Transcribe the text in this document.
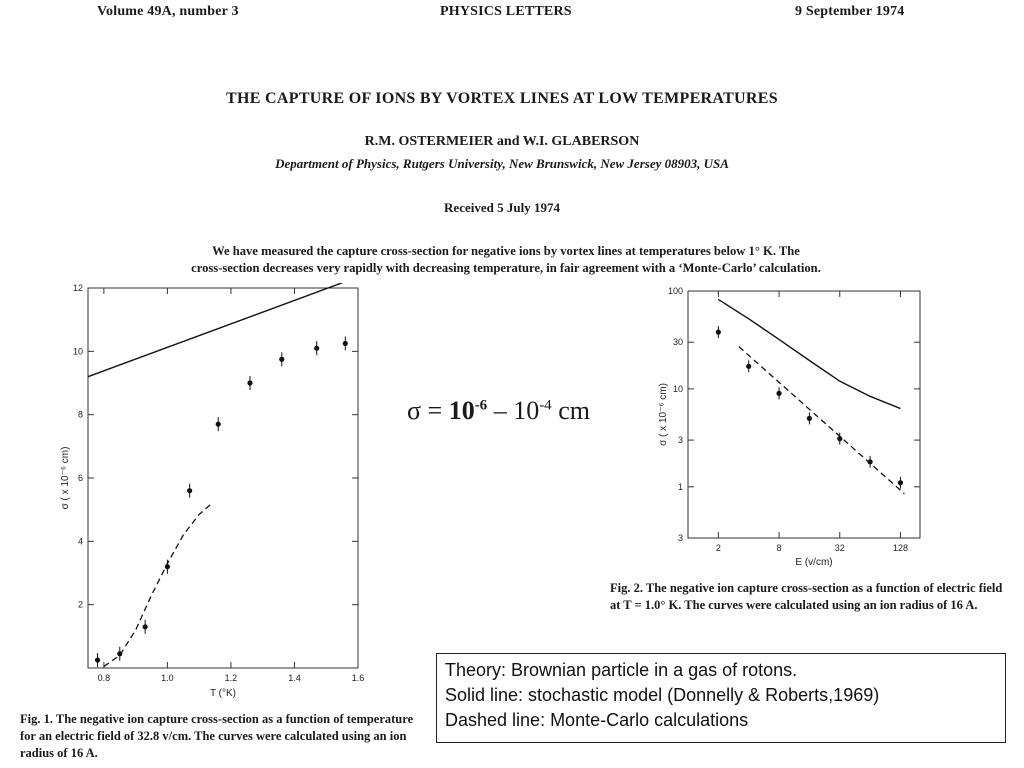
Volume 49A, number 3	PHYSICS LETTERS	9 September 1974
THE CAPTURE OF IONS BY VORTEX LINES AT LOW TEMPERATURES
R.M. OSTERMEIER and W.I. GLABERSON
Department of Physics, Rutgers University, New Brunswick, New Jersey 08903, USA
Received 5 July 1974
We have measured the capture cross-section for negative ions by vortex lines at temperatures below 1° K. The
cross-section decreases very rapidly with decreasing temperature, in fair agreement with a ‘Monte-Carlo’ calculation.
0.8	1.0	1.2	1.4	1.6
2
4
6
8
10
12
T (°K)
σ ( x 10⁻⁶ cm)
2	8	32	128
100
30
10
3
1
3
E (v/cm)
σ ( x 10⁻⁶ cm)
$\sigma = 10^{-6} - 10^{-4}$ cm
Fig. 1. The negative ion capture cross-section as a function of temperature for an electric field of 32.8 v/cm. The curves were calculated using an ion radius of 16 A.
Fig. 2. The negative ion capture cross-section as a function of electric field at T = 1.0° K. The curves were calculated using an ion radius of 16 A.
Theory: Brownian particle in a gas of rotons.
Solid line: stochastic model (Donnelly & Roberts,1969)
Dashed line: Monte-Carlo calculations
